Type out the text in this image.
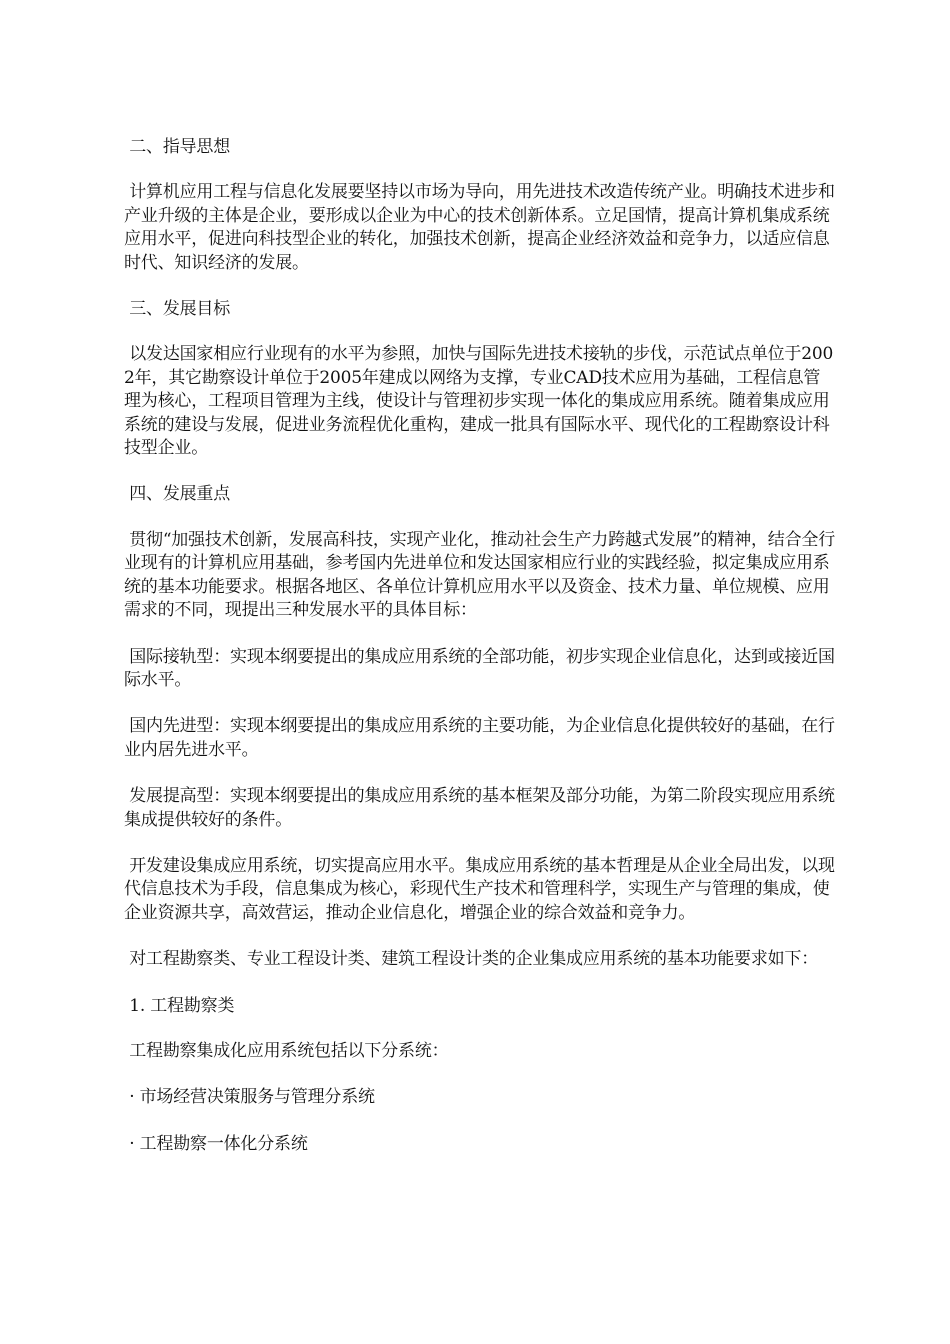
二、指导思想

计算机应用工程与信息化发展要坚持以市场为导向，用先进技术改造传统产业。明确技术进步和产业升级的主体是企业，要形成以企业为中心的技术创新体系。立足国情，提高计算机集成系统应用水平，促进向科技型企业的转化，加强技术创新，提高企业经济效益和竞争力，以适应信息时代、知识经济的发展。

三、发展目标

以发达国家相应行业现有的水平为参照，加快与国际先进技术接轨的步伐，示范试点单位于2002年，其它勘察设计单位于2005年建成以网络为支撑，专业CAD技术应用为基础，工程信息管理为核心，工程项目管理为主线，使设计与管理初步实现一体化的集成应用系统。随着集成应用系统的建设与发展，促进业务流程优化重构，建成一批具有国际水平、现代化的工程勘察设计科技型企业。

四、发展重点

贯彻“加强技术创新，发展高科技，实现产业化，推动社会生产力跨越式发展”的精神，结合全行业现有的计算机应用基础，参考国内先进单位和发达国家相应行业的实践经验，拟定集成应用系统的基本功能要求。根据各地区、各单位计算机应用水平以及资金、技术力量、单位规模、应用需求的不同，现提出三种发展水平的具体目标：

国际接轨型：实现本纲要提出的集成应用系统的全部功能，初步实现企业信息化，达到或接近国际水平。

国内先进型：实现本纲要提出的集成应用系统的主要功能，为企业信息化提供较好的基础，在行业内居先进水平。

发展提高型：实现本纲要提出的集成应用系统的基本框架及部分功能，为第二阶段实现应用系统集成提供较好的条件。

开发建设集成应用系统，切实提高应用水平。集成应用系统的基本哲理是从企业全局出发，以现代信息技术为手段，信息集成为核心，彩现代生产技术和管理科学，实现生产与管理的集成，使企业资源共享，高效营运，推动企业信息化，增强企业的综合效益和竞争力。

对工程勘察类、专业工程设计类、建筑工程设计类的企业集成应用系统的基本功能要求如下：

1. 工程勘察类

工程勘察集成化应用系统包括以下分系统：

· 市场经营决策服务与管理分系统

· 工程勘察一体化分系统
